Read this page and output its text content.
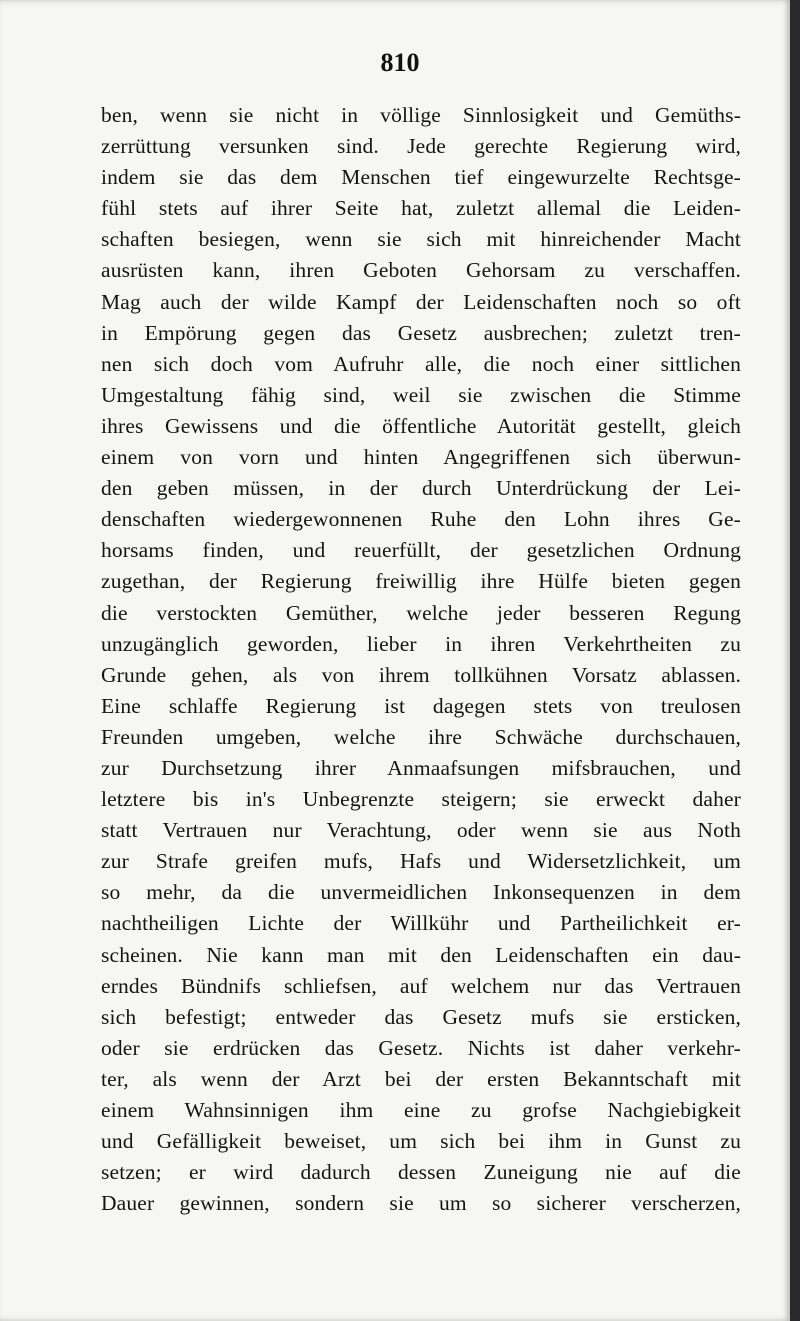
810
ben, wenn sie nicht in völlige Sinnlosigkeit und Gemüths-
zerrüttung versunken sind. Jede gerechte Regierung wird,
indem sie das dem Menschen tief eingewurzelte Rechtsge-
fühl stets auf ihrer Seite hat, zuletzt allemal die Leiden-
schaften besiegen, wenn sie sich mit hinreichender Macht
ausrüsten kann, ihren Geboten Gehorsam zu verschaffen.
Mag auch der wilde Kampf der Leidenschaften noch so oft
in Empörung gegen das Gesetz ausbrechen; zuletzt tren-
nen sich doch vom Aufruhr alle, die noch einer sittlichen
Umgestaltung fähig sind, weil sie zwischen die Stimme
ihres Gewissens und die öffentliche Autorität gestellt, gleich
einem von vorn und hinten Angegriffenen sich überwun-
den geben müssen, in der durch Unterdrückung der Lei-
denschaften wiedergewonnenen Ruhe den Lohn ihres Ge-
horsams finden, und reuerfüllt, der gesetzlichen Ordnung
zugethan, der Regierung freiwillig ihre Hülfe bieten gegen
die verstockten Gemüther, welche jeder besseren Regung
unzugänglich geworden, lieber in ihren Verkehrtheiten zu
Grunde gehen, als von ihrem tollkühnen Vorsatz ablassen.
Eine schlaffe Regierung ist dagegen stets von treulosen
Freunden umgeben, welche ihre Schwäche durchschauen,
zur Durchsetzung ihrer Anmaafsungen mifsbrauchen, und
letztere bis in's Unbegrenzte steigern; sie erweckt daher
statt Vertrauen nur Verachtung, oder wenn sie aus Noth
zur Strafe greifen mufs, Hafs und Widersetzlichkeit, um
so mehr, da die unvermeidlichen Inkonsequenzen in dem
nachtheiligen Lichte der Willkühr und Partheilichkeit er-
scheinen. Nie kann man mit den Leidenschaften ein dau-
erndes Bündnifs schliefsen, auf welchem nur das Vertrauen
sich befestigt; entweder das Gesetz mufs sie ersticken,
oder sie erdrücken das Gesetz. Nichts ist daher verkehr-
ter, als wenn der Arzt bei der ersten Bekanntschaft mit
einem Wahnsinnigen ihm eine zu grofse Nachgiebigkeit
und Gefälligkeit beweiset, um sich bei ihm in Gunst zu
setzen; er wird dadurch dessen Zuneigung nie auf die
Dauer gewinnen, sondern sie um so sicherer verscherzen,
